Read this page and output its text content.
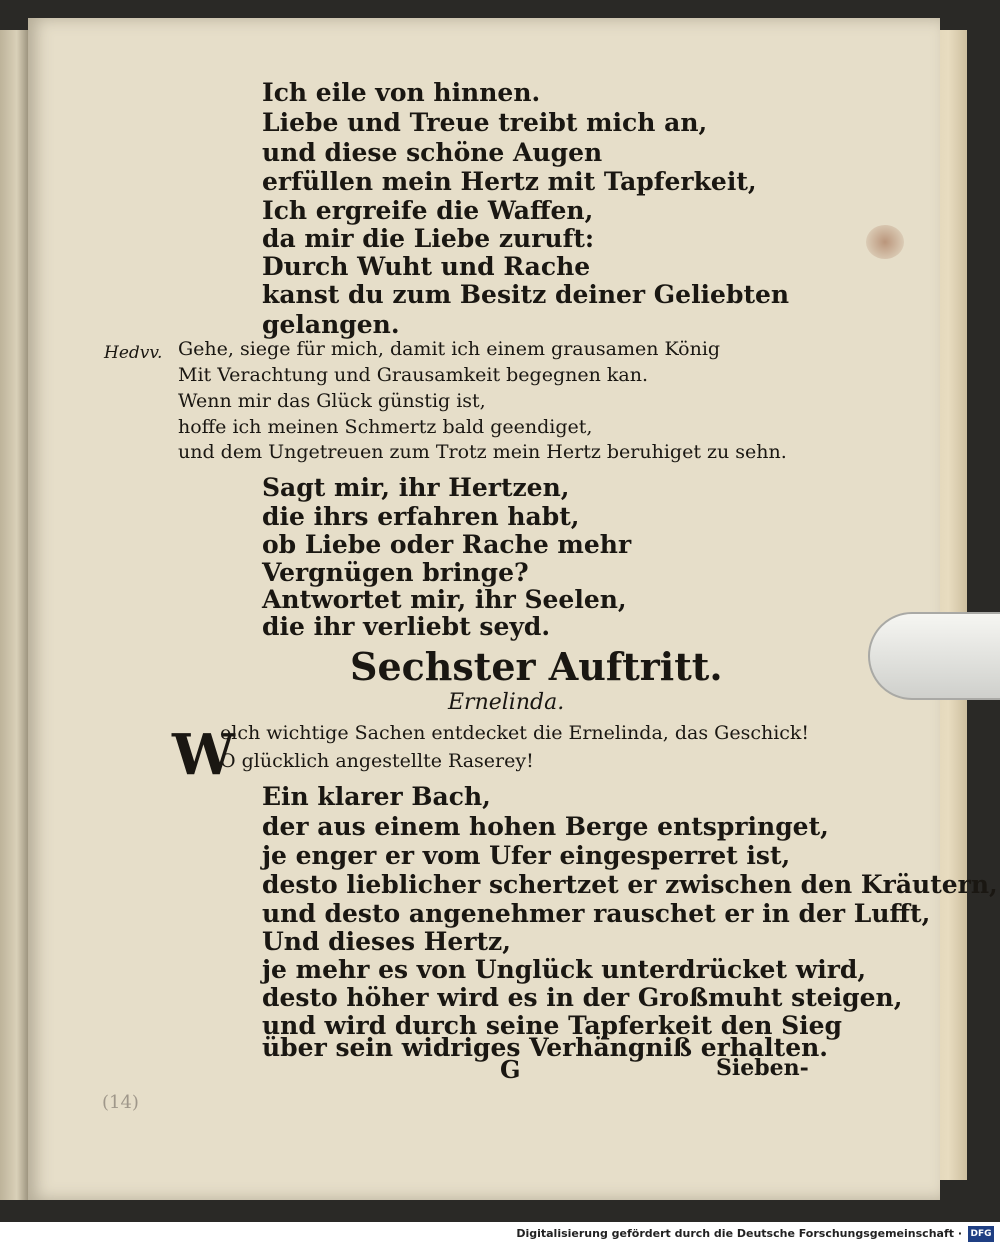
Ich eile von hinnen.
Liebe und Treue treibt mich an,
und diese schöne Augen
erfüllen mein Hertz mit Tapferkeit,
Ich ergreife die Waffen,
da mir die Liebe zuruft:
Durch Wuht und Rache
kanst du zum Besitz deiner Geliebten
gelangen.
Hedvv. Gehe, siege für mich, damit ich einem grausamen König
Mit Verachtung und Grausamkeit begegnen kan.
Wenn mir das Glück günstig ist,
hoffe ich meinen Schmertz bald geendiget,
und dem Ungetreuen zum Trotz mein Hertz beruhiget zu sehn.
Sagt mir, ihr Hertzen,
die ihrs erfahren habt,
ob Liebe oder Rache mehr
Vergnügen bringe?
Antwortet mir, ihr Seelen,
die ihr verliebt seyd.
Sechster Auftritt.
Ernelinda.
W
elch wichtige Sachen entdecket die Ernelinda, das Geschick!
O glücklich angestellte Raserey!
Ein klarer Bach,
der aus einem hohen Berge entspringet,
je enger er vom Ufer eingesperret ist,
desto lieblicher schertzet er zwischen den Kräutern,
und desto angenehmer rauschet er in der Lufft,
Und dieses Hertz,
je mehr es von Unglück unterdrücket wird,
desto höher wird es in der Großmuht steigen,
und wird durch seine Tapferkeit den Sieg
über sein widriges Verhängniß erhalten.
G	Sieben-
(14)
Digitalisierung gefördert durch die Deutsche Forschungsgemeinschaft · DFG
